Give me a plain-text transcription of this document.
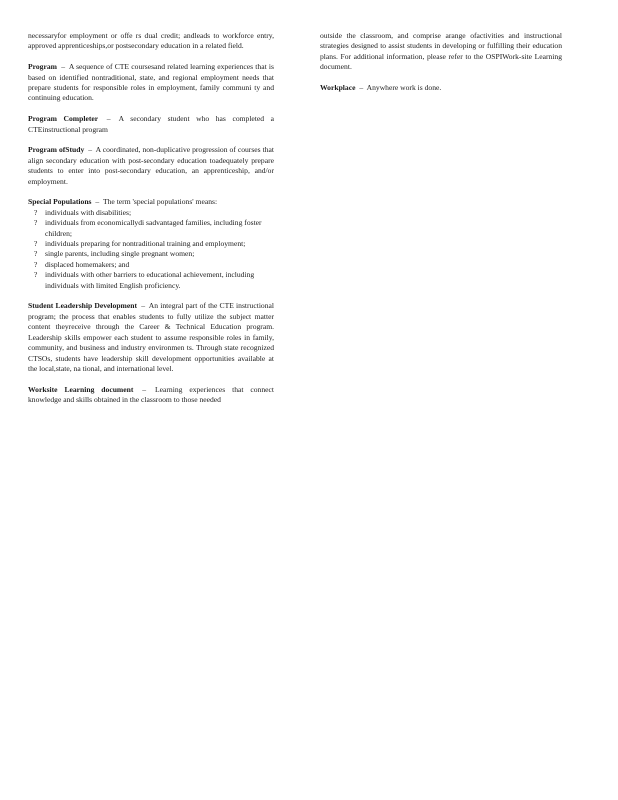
necessaryfor employment or offe rs dual credit; andleads to workforce entry, approved apprenticeships,or postsecondary education in a related field.

Program – A sequence of CTE coursesand related learning experiences that is based on identified nontraditional, state, and regional employment needs that prepare students for responsible roles in employment, family communi ty and continuing education.

Program Completer – A secondary student who has completed a CTEinstructional program

Program ofStudy – A coordinated, non-duplicative progression of courses that align secondary education with post-secondary education toadequately prepare students to enter into post-secondary education, an apprenticeship, and/or employment.

Special Populations – The term 'special populations' means:
? individuals with disabilities;
? individuals from economicallydi sadvantaged families, including foster children;
? individuals preparing for nontraditional training and employment;
? single parents, including single pregnant women;
? displaced homemakers; and
? individuals with other barriers to educational achievement, including individuals with limited English proficiency.

Student Leadership Development – An integral part of the CTE instructional program; the process that enables students to fully utilize the subject matter content theyreceive through the Career & Technical Education program. Leadership skills empower each student to assume responsible roles in family, community, and business and industry environmen ts. Through state recognized CTSOs, students have leadership skill development opportunities available at the local,state, na tional, and international level.

Worksite Learning document – Learning experiences that connect knowledge and skills obtained in the classroom to those needed

outside the classroom, and comprise arange ofactivities and instructional strategies designed to assist students in developing or fulfilling their education plans. For additional information, please refer to the OSPIWork-site Learning document.

Workplace – Anywhere work is done.
